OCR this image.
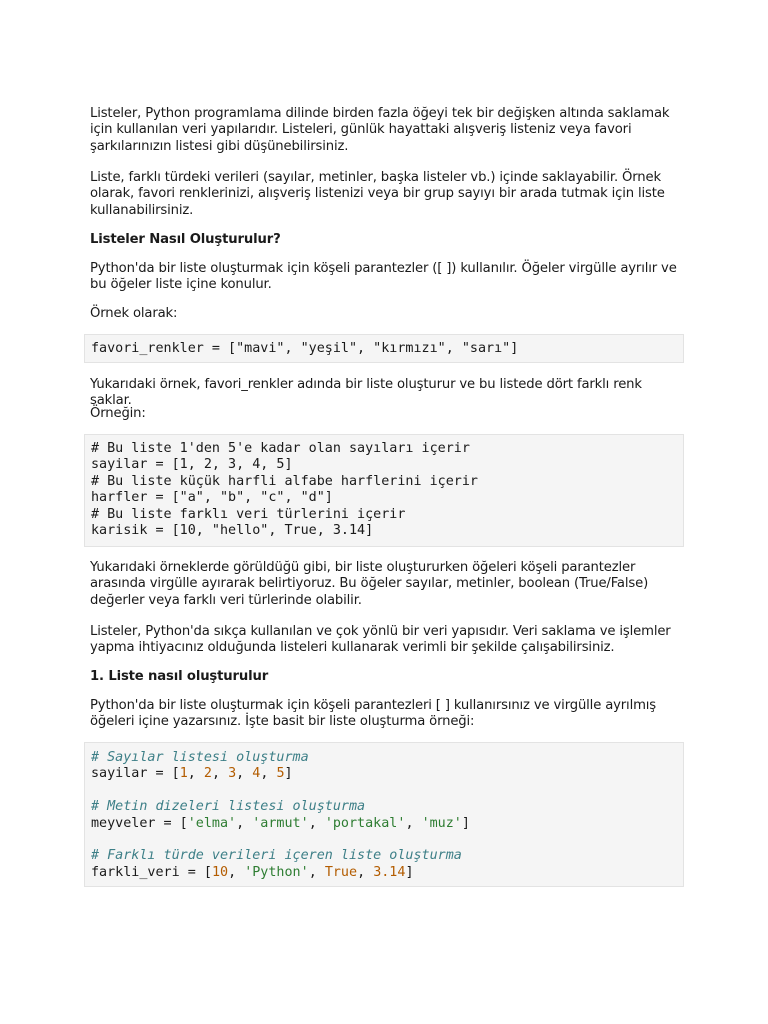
Listeler, Python programlama dilinde birden fazla öğeyi tek bir değişken altında saklamak için kullanılan veri yapılarıdır. Listeleri, günlük hayattaki alışveriş listeniz veya favori şarkılarınızın listesi gibi düşünebilirsiniz.

Liste, farklı türdeki verileri (sayılar, metinler, başka listeler vb.) içinde saklayabilir. Örnek olarak, favori renklerinizi, alışveriş listenizi veya bir grup sayıyı bir arada tutmak için liste kullanabilirsiniz.

Listeler Nasıl Oluşturulur?

Python'da bir liste oluşturmak için köşeli parantezler ([ ]) kullanılır. Öğeler virgülle ayrılır ve bu öğeler liste içine konulur.

Örnek olarak:

favori_renkler = ["mavi", "yeşil", "kırmızı", "sarı"]

Yukarıdaki örnek, favori_renkler adında bir liste oluşturur ve bu listede dört farklı renk saklar.

Örneğin:

# Bu liste 1'den 5'e kadar olan sayıları içerir
sayilar = [1, 2, 3, 4, 5]
# Bu liste küçük harfli alfabe harflerini içerir
harfler = ["a", "b", "c", "d"]
# Bu liste farklı veri türlerini içerir
karisik = [10, "hello", True, 3.14]

Yukarıdaki örneklerde görüldüğü gibi, bir liste oluştururken öğeleri köşeli parantezler arasında virgülle ayırarak belirtiyoruz. Bu öğeler sayılar, metinler, boolean (True/False) değerler veya farklı veri türlerinde olabilir.

Listeler, Python'da sıkça kullanılan ve çok yönlü bir veri yapısıdır. Veri saklama ve işlemler yapma ihtiyacınız olduğunda listeleri kullanarak verimli bir şekilde çalışabilirsiniz.

1. Liste nasıl oluşturulur

Python'da bir liste oluşturmak için köşeli parantezleri [ ] kullanırsınız ve virgülle ayrılmış öğeleri içine yazarsınız. İşte basit bir liste oluşturma örneği:

# Sayılar listesi oluşturma
sayilar = [1, 2, 3, 4, 5]
# Metin dizeleri listesi oluşturma
meyveler = ['elma', 'armut', 'portakal', 'muz']
# Farklı türde verileri içeren liste oluşturma
farkli_veri = [10, 'Python', True, 3.14]
